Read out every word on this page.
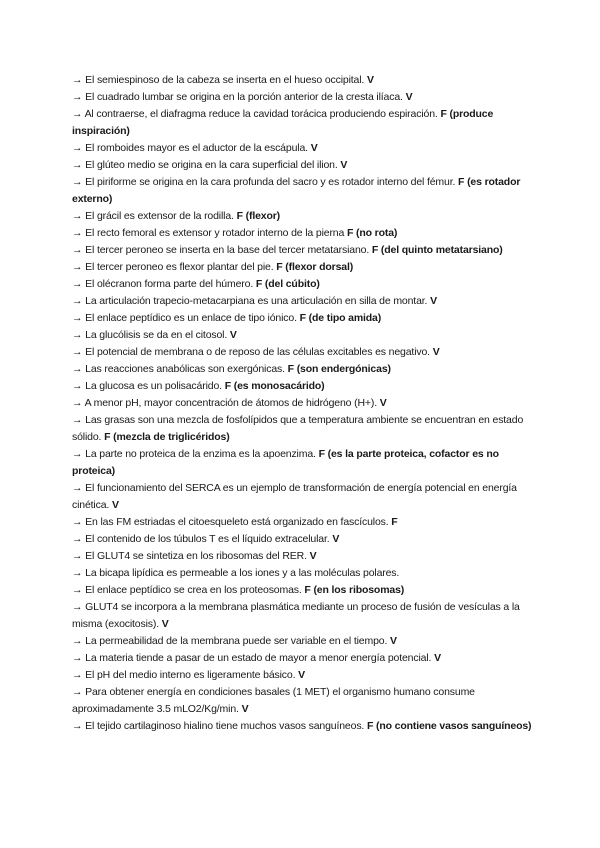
→ El semiespinoso de la cabeza se inserta en el hueso occipital. V

→ El cuadrado lumbar se origina en la porción anterior de la cresta ilíaca. V

→ Al contraerse, el diafragma reduce la cavidad torácica produciendo espiración. F (produce inspiración)

→ El romboides mayor es el aductor de la escápula. V

→ El glúteo medio se origina en la cara superficial del ilion. V

→ El piriforme se origina en la cara profunda del sacro y es rotador interno del fémur. F (es rotador externo)

→ El grácil es extensor de la rodilla. F (flexor)

→ El recto femoral es extensor y rotador interno de la pierna F (no rota)

→ El tercer peroneo se inserta en la base del tercer metatarsiano. F (del quinto metatarsiano)

→ El tercer peroneo es flexor plantar del pie. F (flexor dorsal)

→ El olécranon forma parte del húmero. F (del cúbito)

→ La articulación trapecio-metacarpiana es una articulación en silla de montar. V

→ El enlace peptídico es un enlace de tipo iónico. F (de tipo amida)

→ La glucólisis se da en el citosol. V

→ El potencial de membrana o de reposo de las células excitables es negativo. V

→ Las reacciones anabólicas son exergónicas. F (son endergónicas)

→ La glucosa es un polisacárido. F (es monosacárido)

→ A menor pH, mayor concentración de átomos de hidrógeno (H+). V

→ Las grasas son una mezcla de fosfolípidos que a temperatura ambiente se encuentran en estado sólido. F (mezcla de triglicéridos)

→ La parte no proteica de la enzima es la apoenzima. F (es la parte proteica, cofactor es no proteica)

→ El funcionamiento del SERCA es un ejemplo de transformación de energía potencial en energía cinética. V

→ En las FM estriadas el citoesqueleto está organizado en fascículos. F

→ El contenido de los túbulos T es el líquido extracelular. V

→ El GLUT4 se sintetiza en los ribosomas del RER. V

→ La bicapa lipídica es permeable a los iones y a las moléculas polares.

→ El enlace peptídico se crea en los proteosomas. F (en los ribosomas)

→ GLUT4 se incorpora a la membrana plasmática mediante un proceso de fusión de vesículas a la misma (exocitosis). V

→ La permeabilidad de la membrana puede ser variable en el tiempo. V

→ La materia tiende a pasar de un estado de mayor a menor energía potencial. V

→ El pH del medio interno es ligeramente básico. V

→ Para obtener energía en condiciones basales (1 MET) el organismo humano consume aproximadamente 3.5 mLO2/Kg/min. V

→ El tejido cartilaginoso hialino tiene muchos vasos sanguíneos. F (no contiene vasos sanguíneos)
